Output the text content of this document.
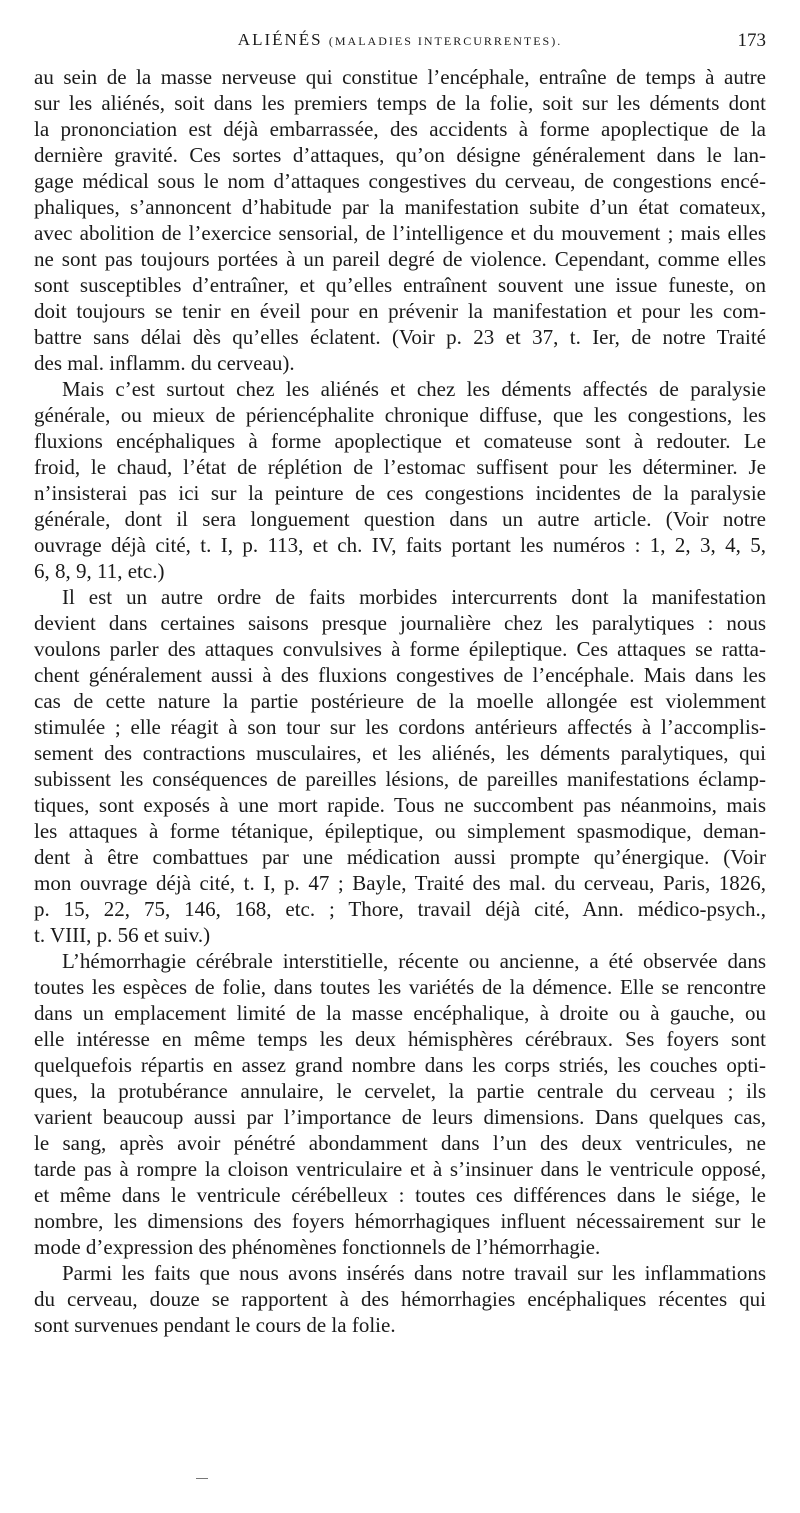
ALIÉNÉS (MALADIES INTERCURRENTES).	173

au sein de la masse nerveuse qui constitue l’encéphale, entraîne de temps à autre
sur les aliénés, soit dans les premiers temps de la folie, soit sur les déments dont
la prononciation est déjà embarrassée, des accidents à forme apoplectique de la
dernière gravité. Ces sortes d’attaques, qu’on désigne généralement dans le lan-
gage médical sous le nom d’attaques congestives du cerveau, de congestions encé-
phaliques, s’annoncent d’habitude par la manifestation subite d’un état comateux,
avec abolition de l’exercice sensorial, de l’intelligence et du mouvement ; mais elles
ne sont pas toujours portées à un pareil degré de violence. Cependant, comme elles
sont susceptibles d’entraîner, et qu’elles entraînent souvent une issue funeste, on
doit toujours se tenir en éveil pour en prévenir la manifestation et pour les com-
battre sans délai dès qu’elles éclatent. (Voir p. 23 et 37, t. Ier, de notre Traité
des mal. inflamm. du cerveau).

Mais c’est surtout chez les aliénés et chez les déments affectés de paralysie
générale, ou mieux de périencéphalite chronique diffuse, que les congestions, les
fluxions encéphaliques à forme apoplectique et comateuse sont à redouter. Le
froid, le chaud, l’état de réplétion de l’estomac suffisent pour les déterminer. Je
n’insisterai pas ici sur la peinture de ces congestions incidentes de la paralysie
générale, dont il sera longuement question dans un autre article. (Voir notre
ouvrage déjà cité, t. I, p. 113, et ch. IV, faits portant les numéros : 1, 2, 3, 4, 5,
6, 8, 9, 11, etc.)

Il est un autre ordre de faits morbides intercurrents dont la manifestation
devient dans certaines saisons presque journalière chez les paralytiques : nous
voulons parler des attaques convulsives à forme épileptique. Ces attaques se ratta-
chent généralement aussi à des fluxions congestives de l’encéphale. Mais dans les
cas de cette nature la partie postérieure de la moelle allongée est violemment
stimulée ; elle réagit à son tour sur les cordons antérieurs affectés à l’accomplis-
sement des contractions musculaires, et les aliénés, les déments paralytiques, qui
subissent les conséquences de pareilles lésions, de pareilles manifestations éclamp-
tiques, sont exposés à une mort rapide. Tous ne succombent pas néanmoins, mais
les attaques à forme tétanique, épileptique, ou simplement spasmodique, deman-
dent à être combattues par une médication aussi prompte qu’énergique. (Voir
mon ouvrage déjà cité, t. I, p. 47 ; Bayle, Traité des mal. du cerveau, Paris, 1826,
p. 15, 22, 75, 146, 168, etc. ; Thore, travail déjà cité, Ann. médico-psych.,
t. VIII, p. 56 et suiv.)

L’hémorrhagie cérébrale interstitielle, récente ou ancienne, a été observée dans
toutes les espèces de folie, dans toutes les variétés de la démence. Elle se rencontre
dans un emplacement limité de la masse encéphalique, à droite ou à gauche, ou
elle intéresse en même temps les deux hémisphères cérébraux. Ses foyers sont
quelquefois répartis en assez grand nombre dans les corps striés, les couches opti-
ques, la protubérance annulaire, le cervelet, la partie centrale du cerveau ; ils
varient beaucoup aussi par l’importance de leurs dimensions. Dans quelques cas,
le sang, après avoir pénétré abondamment dans l’un des deux ventricules, ne
tarde pas à rompre la cloison ventriculaire et à s’insinuer dans le ventricule opposé,
et même dans le ventricule cérébelleux : toutes ces différences dans le siége, le
nombre, les dimensions des foyers hémorrhagiques influent nécessairement sur le
mode d’expression des phénomènes fonctionnels de l’hémorrhagie.

Parmi les faits que nous avons insérés dans notre travail sur les inflammations
du cerveau, douze se rapportent à des hémorrhagies encéphaliques récentes qui
sont survenues pendant le cours de la folie.
